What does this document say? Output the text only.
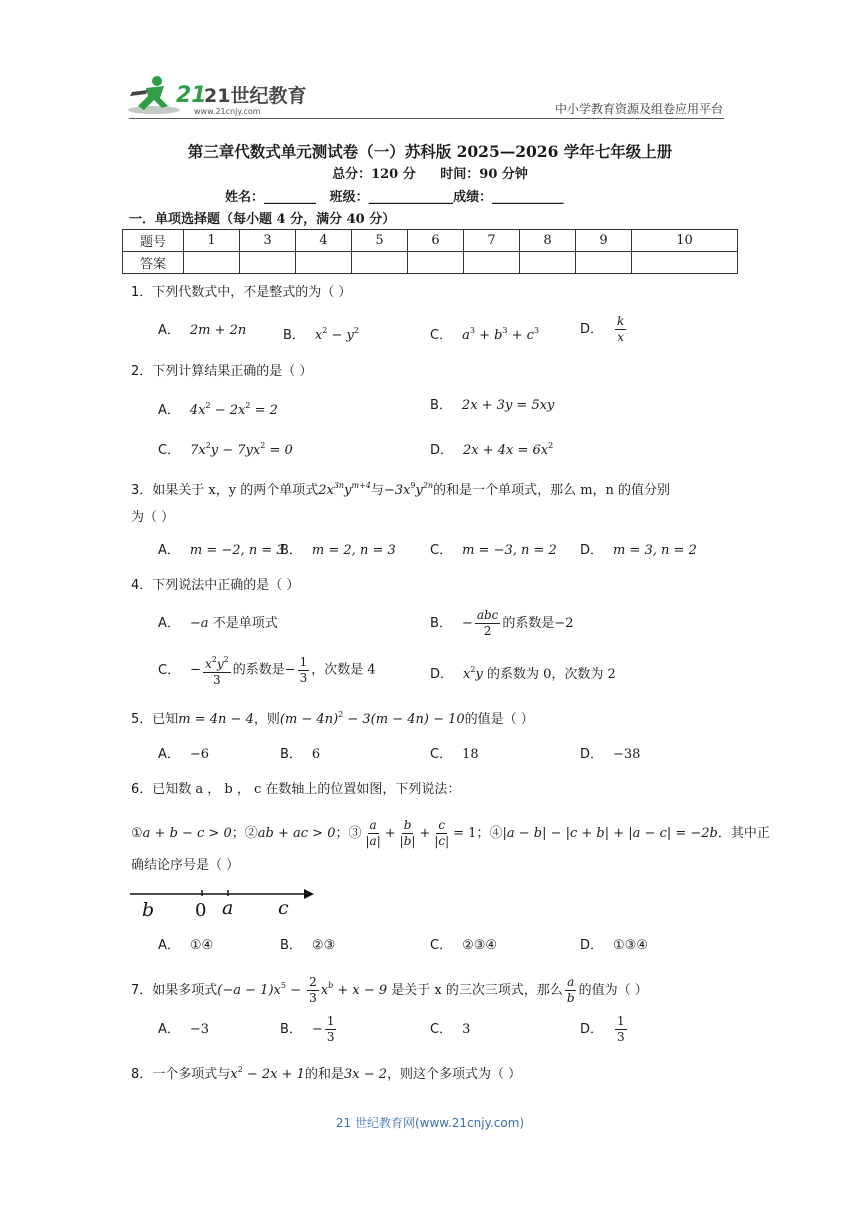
21
21世纪教育
www.21cnjy.com	中小学教育资源及组卷应用平台
第三章代数式单元测试卷（一）苏科版 2025—2026 学年七年级上册
总分：120 分 时间：90 分钟
姓名：________   班级：_____________成绩：___________
一．单项选择题（每小题 4 分，满分 40 分）
题号	1	3	4	5	6	7	8	9	10
答案									
1．下列代数式中，不是整式的为（ ）
A． 2m + 2n	B． $x^2 - y^2$	C． $a^3 + b^3 + c^3$	D． $\frac{k}{x}$
2．下列计算结果正确的是（ ）
A． $4x^2 - 2x^2 = 2$	B． 2x + 3y = 5xy
C． $7x^2y - 7yx^2 = 0$	D． $2x + 4x = 6x^2$
3．如果关于 x，y 的两个单项式$2x^{3n}y^{m+4}$与$-3x^9y^{2n}$的和是一个单项式，那么 m，n 的值分别
为（ ）
A． m = −2, n = 3
B． m = 2, n = 3	C． m = −3, n = 2 D． m = 3, n = 2
4．下列说法中正确的是（ ）
A． −a 不是单项式	B． − $\frac{\text{abc}}{2}$ 的系数是−2
C． − $\frac{x^2y^2}{3}$ 的系数是− $\frac{1}{3}$ ，次数是 4	D． $x^2y$ 的系数为 0，次数为 2
5．已知m = 4n − 4，则$(m - 4n)^2 - 3(m - 4n) - 10$的值是（ ）
A． −6	B． 6	C． 18	D． −38
6．已知数 a ， b ， c 在数轴上的位置如图，下列说法：
①a + b − c > 0；②ab + ac > 0；③ $\frac{a}{|a|} + \frac{b}{|b|} + \frac{c}{|c|} = 1$；④|a − b| − |c + b| + |a − c| = −2b．其中正
确结论序号是（ ）
b 0 a c
A． ①④	B． ②③	C． ②③④	D． ①③④
7．如果多项式$(-a - 1)x^5 - \frac{2}{3} x^b + x - 9$ 是关于 x 的三次三项式，那么 $\frac{a}{b}$ 的值为（ ）
A． −3	B． − $\frac{1}{3}$	C． 3	D． $\frac{1}{3}$
8．一个多项式与$x^2 - 2x + 1$的和是3x − 2，则这个多项式为（ ）
21 世纪教育网(www.21cnjy.com)
